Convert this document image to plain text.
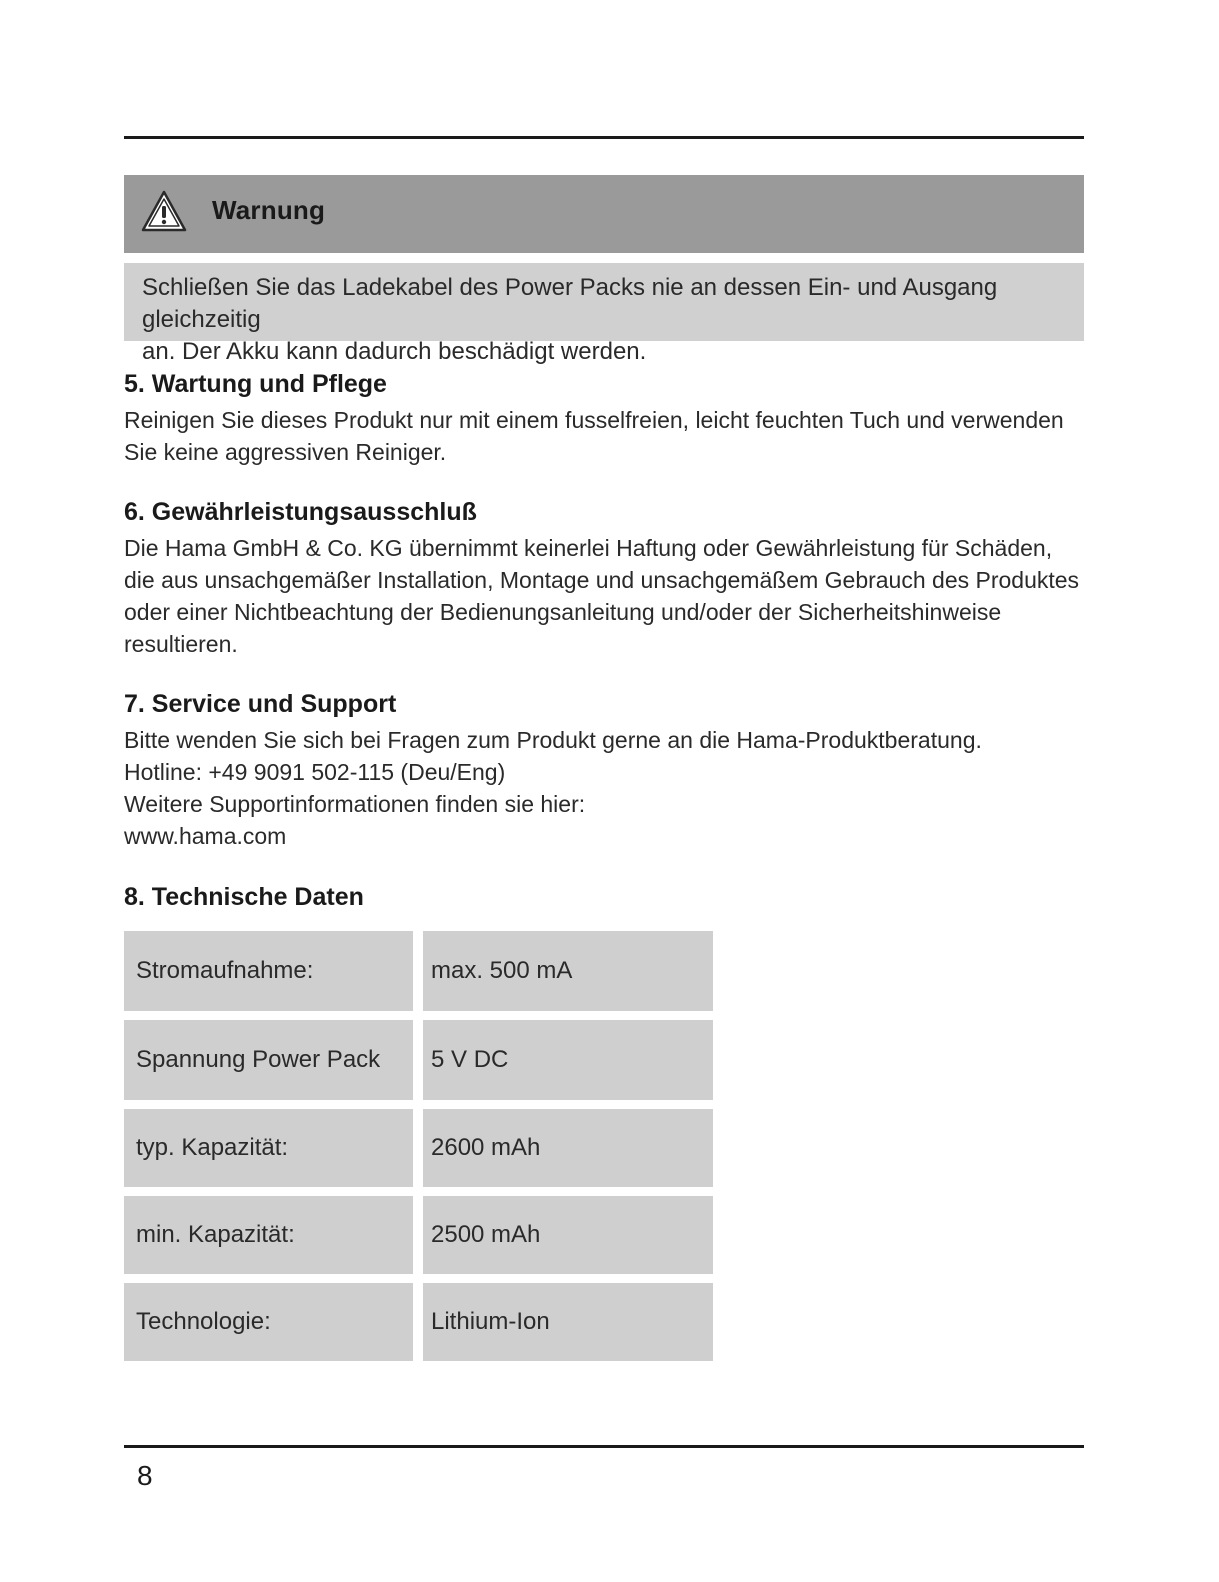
Warnung
Schließen Sie das Ladekabel des Power Packs nie an dessen Ein- und Ausgang gleichzeitig
an. Der Akku kann dadurch beschädigt werden.
5. Wartung und Pflege

Reinigen Sie dieses Produkt nur mit einem fusselfreien, leicht feuchten Tuch und verwenden
Sie keine aggressiven Reiniger.

6. Gewährleistungsausschluß

Die Hama GmbH & Co. KG übernimmt keinerlei Haftung oder Gewährleistung für Schäden,
die aus unsachgemäßer Installation, Montage und unsachgemäßem Gebrauch des Produktes
oder einer Nichtbeachtung der Bedienungsanleitung und/oder der Sicherheitshinweise
resultieren.

7. Service und Support

Bitte wenden Sie sich bei Fragen zum Produkt gerne an die Hama-Produktberatung.
Hotline: +49 9091 502-115 (Deu/Eng)
Weitere Supportinformationen finden sie hier:
www.hama.com

8. Technische Daten
Stromaufnahme:	max. 500 mA
Spannung Power Pack	5 V DC
typ. Kapazität:	2600 mAh
min. Kapazität:	2500 mAh
Technologie:	Lithium-Ion
8
